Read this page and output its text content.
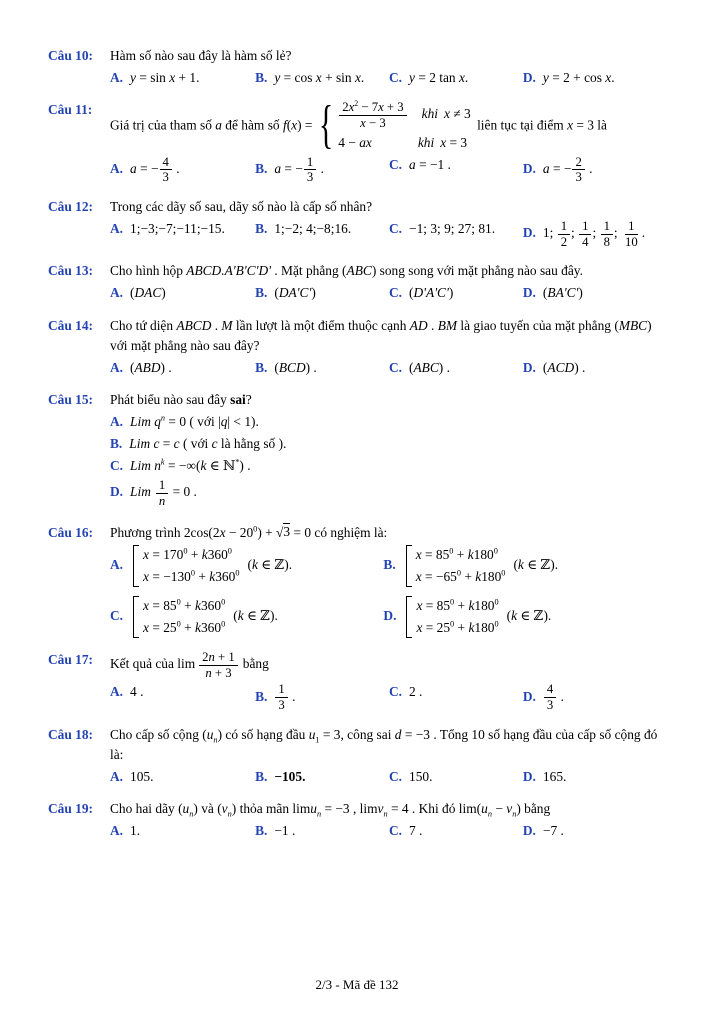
Câu 10:	Hàm số nào sau đây là hàm số lẻ?
A. y = sin x + 1.	B. y = cos x + sin x.	C. y = 2 tan x.	D. y = 2 + cos x.
Câu 11:
Giá trị của tham số a để hàm số f(x) = { $\frac{2x^2 - 7x + 3}{x - 3}$ khi x ≠ 3
4 − ax	khi x = 3
liên tục tại điểm x = 3 là
A. a = − $\frac{4}{3}$ .	B. a = − $\frac{1}{3}$ .	C. a = −1 .	D. a = − $\frac{2}{3}$ .
Câu 12:	Trong các dãy số sau, dãy số nào là cấp số nhân?
A. 1;−3;−7;−11;−15.	B. 1;−2; 4;−8;16.	C. −1; 3; 9; 27; 81.	D. 1; $\frac{1}{2}$ ; $\frac{1}{4}$ ; $\frac{1}{8}$ ; $\frac{1}{10}$ .
Câu 13:	Cho hình hộp ABCD.A'B'C'D' . Mặt phẳng (ABC) song song với mặt phẳng nào sau đây.
A. (DAC)	B. (DA'C')	C. (D'A'C')	D. (BA'C')
Câu 14:	Cho tứ diện ABCD . M lần lượt là một điểm thuộc cạnh AD . BM là giao tuyến của mặt phẳng (MBC) với mặt phẳng nào sau đây?
A. (ABD) .	B. (BCD) .	C. (ABC) .	D. (ACD) .
Câu 15:	Phát biểu nào sau đây sai?
A. Lim $q^n = 0$ ( với |q| < 1).
B. Lim c = c ( với c là hằng số ).
C. Lim $n^k = -\infty(k$ ∈ ℕ*) .
D. Lim $\frac{1}{n} = 0$ .
Câu 16:	Phương trình $2\cos(2x - 20^0)$ + √ 3 = 0 có nghiệm là:
A.
$x = 170^0 + k360^0$
$x = -130^0 + k360^0$
(k ∈ ℤ).	B.
$x = 85^0 + k180^0$
$x = -65^0 + k180^0$
(k ∈ ℤ).
C.
$x = 85^0 + k360^0$
$x = 25^0 + k360^0$
(k ∈ ℤ).	D.
$x = 85^0 + k180^0$
$x = 25^0 + k180^0$
(k ∈ ℤ).
Câu 17:	Kết quả của $\lim \frac{2n + 1}{n + 3}$ bằng
A. 4 .	B. $\frac{1}{3}$ .	C. 2 .	D. $\frac{4}{3}$ .
Câu 18:	Cho cấp số cộng $(u_n)$ có số hạng đầu $u_1 = 3$, công sai d = −3 . Tổng 10 số hạng đầu của cấp số cộng đó là:
A. 105.	B. −105.	C. 150.	D. 165.
Câu 19:	Cho hai dãy $(u_n)$ và $(v_n)$ thỏa mãn limu$_n$ = −3 , limv$_n$ = 4 . Khi đó $\lim(u_n - v_n)$ bằng
A. 1.	B. −1 .	C. 7 .	D. −7 .
2/3 - Mã đề 132
